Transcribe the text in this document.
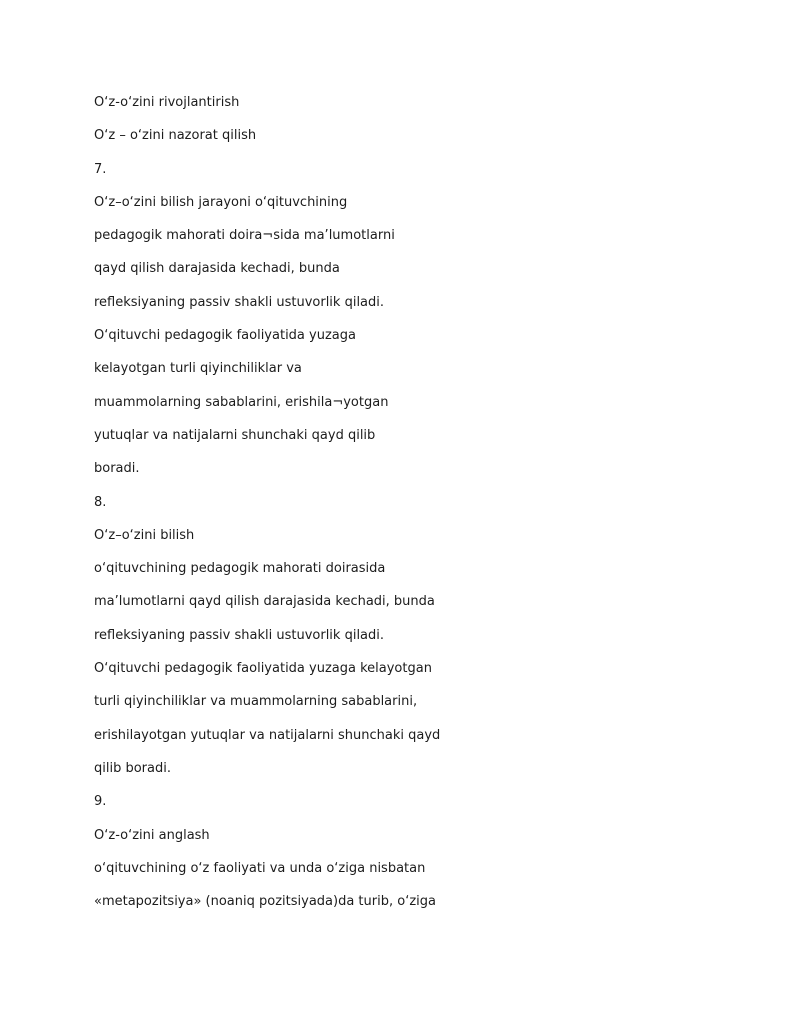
O‘z-o‘zini rivojlantirish
O‘z – o‘zini nazorat qilish
7.
O‘z–o‘zini bilish jarayoni o‘qituvchining
pedagogik mahorati doira¬sida ma’lumotlarni
qayd qilish darajasida kechadi, bunda
refleksiyaning passiv shakli ustuvorlik qiladi.
O‘qituvchi pedagogik faoliyatida yuzaga
kelayotgan turli qiyinchiliklar va
muammolarning sabablarini, erishila¬yotgan
yutuqlar va natijalarni shunchaki qayd qilib
boradi.
8.
O‘z–o‘zini bilish
o‘qituvchining pedagogik mahorati doirasida
ma’lumotlarni qayd qilish darajasida kechadi, bunda
refleksiyaning passiv shakli ustuvorlik qiladi.
O‘qituvchi pedagogik faoliyatida yuzaga kelayotgan
turli qiyinchiliklar va muammolarning sabablarini,
erishilayotgan yutuqlar va natijalarni shunchaki qayd
qilib boradi.
9.
O‘z-o‘zini anglash
o‘qituvchining o‘z faoliyati va unda o‘ziga nisbatan
«metapozitsiya» (noaniq pozitsiyada)da turib, o‘ziga
